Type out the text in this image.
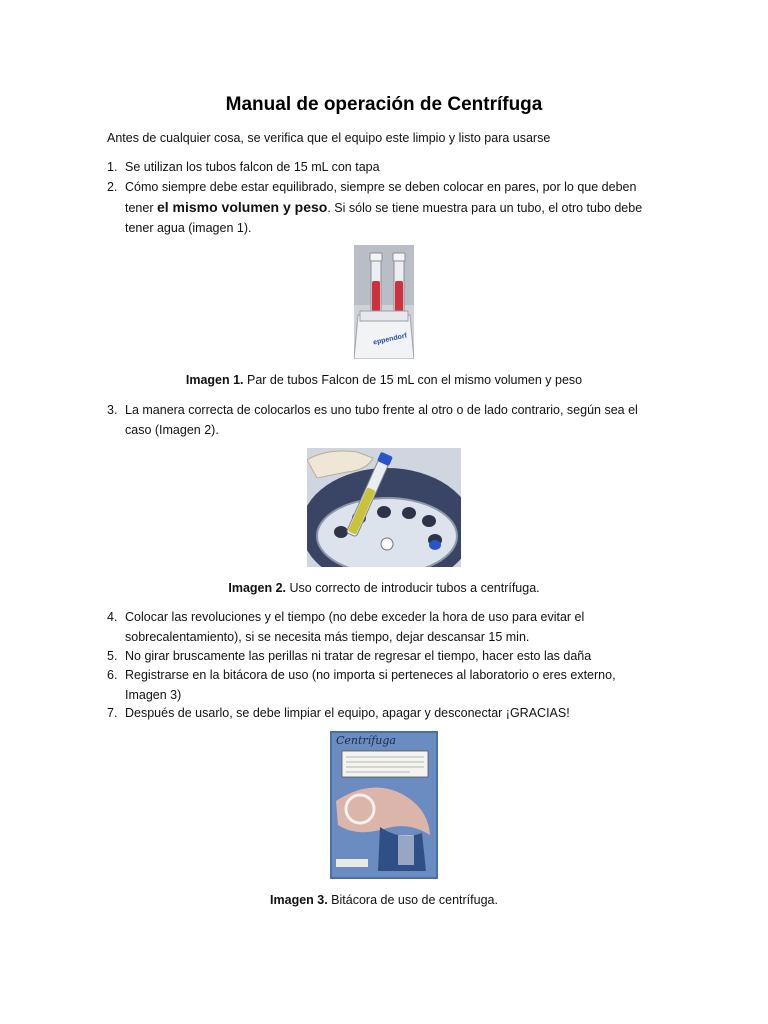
Manual de operación de Centrífuga
Antes de cualquier cosa, se verifica que el equipo este limpio y listo para usarse
1. Se utilizan los tubos falcon de 15 mL con tapa
2. Cómo siempre debe estar equilibrado, siempre se deben colocar en pares, por lo que deben tener el mismo volumen y peso. Si sólo se tiene muestra para un tubo, el otro tubo debe tener agua (imagen 1).
eppendorf
Imagen 1. Par de tubos Falcon de 15 mL con el mismo volumen y peso
3. La manera correcta de colocarlos es uno tubo frente al otro o de lado contrario, según sea el caso (Imagen 2).
Imagen 2. Uso correcto de introducir tubos a centrífuga.
4. Colocar las revoluciones y el tiempo (no debe exceder la hora de uso para evitar el sobrecalentamiento), si se necesita más tiempo, dejar descansar 15 min.
5. No girar bruscamente las perillas ni tratar de regresar el tiempo, hacer esto las daña
6. Registrarse en la bitácora de uso (no importa si perteneces al laboratorio o eres externo, Imagen 3)
7. Después de usarlo, se debe limpiar el equipo, apagar y desconectar ¡GRACIAS!
Centrífuga
Imagen 3. Bitácora de uso de centrífuga.
